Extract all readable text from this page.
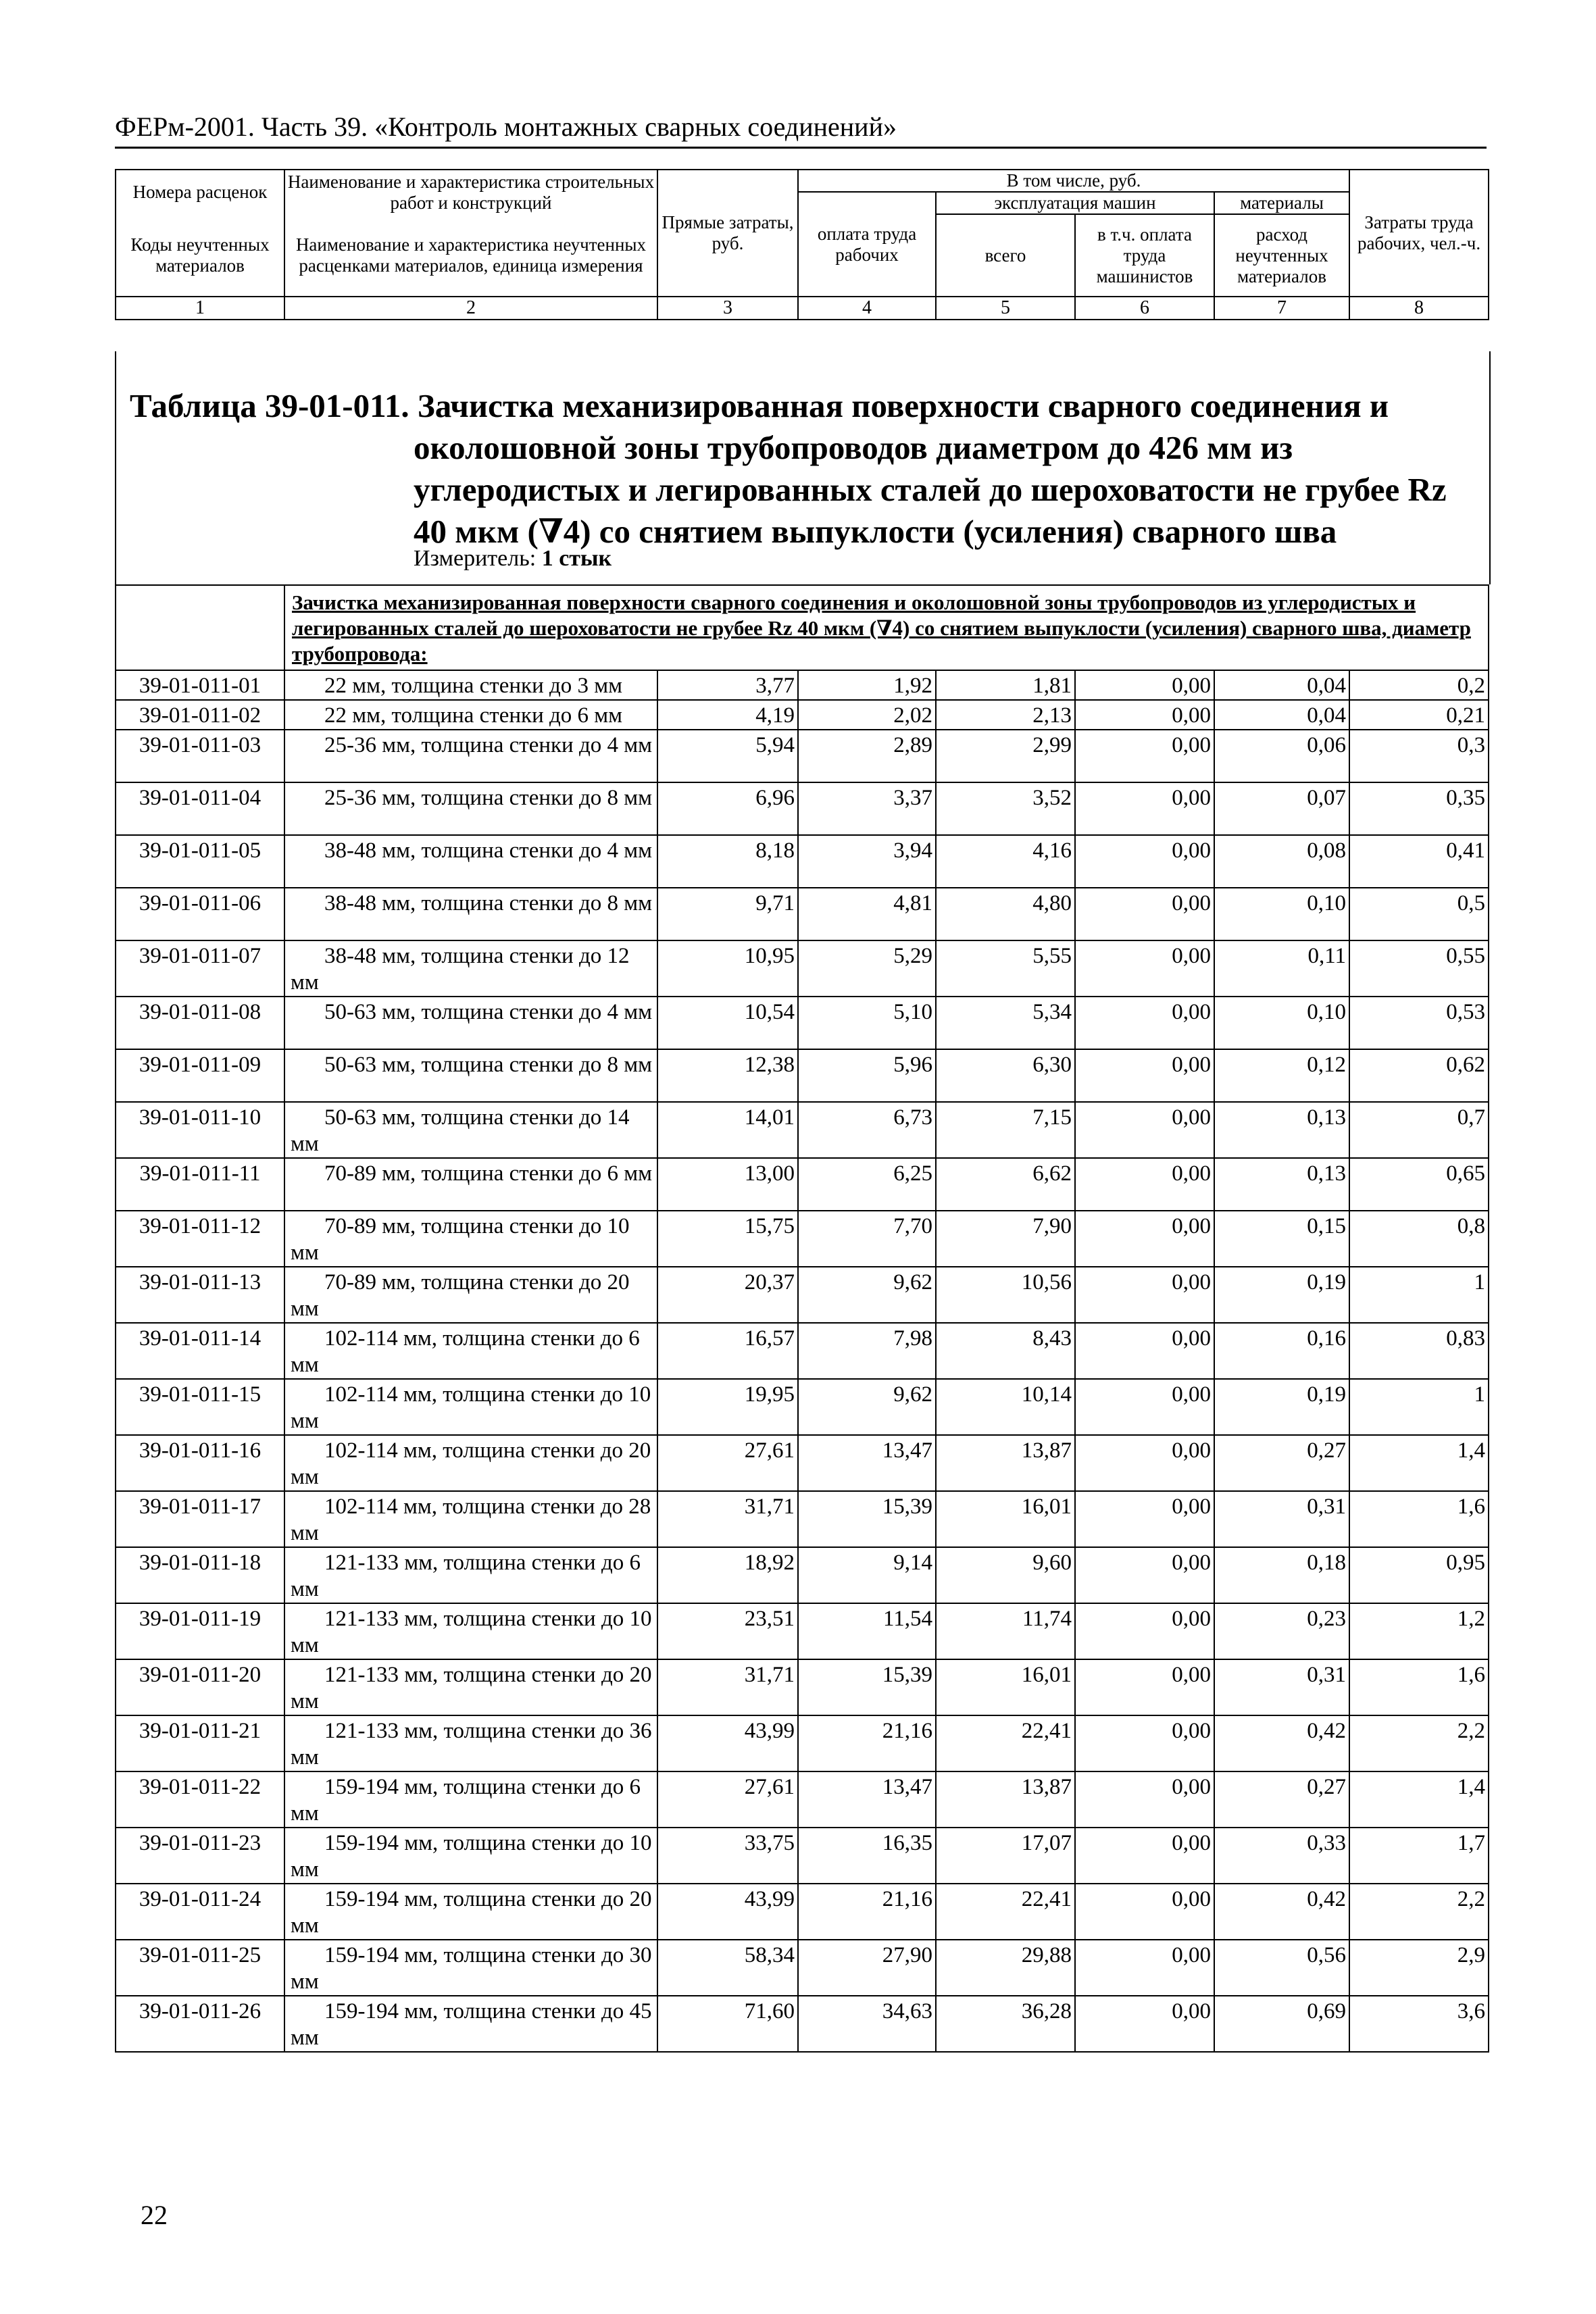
ФЕРм-2001. Часть 39. «Контроль монтажных сварных соединений»
Номера расценок	Наименование и характеристика строительных работ и конструкций	Прямые затраты, руб.	В том числе, руб.				Затраты труда рабочих, чел.-ч.
			оплата труда рабочих	эксплуатация машин		материалы	
Коды неучтенных материалов	Наименование и характеристика неучтенных расценками материалов, единица измерения			всего	в т.ч. оплата труда машинистов	расход неучтенных материалов	

1	2	3	4	5	6	7	8
Таблица 39-01-011. Зачистка механизированная поверхности сварного соединения и
околошовной зоны трубопроводов диаметром до 426 мм из
углеродистых и легированных сталей до шероховатости не грубее Rz
40 мкм (∇4) со снятием выпуклости (усиления) сварного шва
Измеритель: 1 стык
	Зачистка механизированная поверхности сварного соединения и околошовной зоны трубопроводов из углеродистых и легированных сталей до шероховатости не грубее Rz 40 мкм (∇4) со снятием выпуклости (усиления) сварного шва, диаметр трубопровода:						
39-01-011-01	22 мм, толщина стенки до 3 мм	3,77	1,92	1,81	0,00	0,04	0,2
39-01-011-02	22 мм, толщина стенки до 6 мм	4,19	2,02	2,13	0,00	0,04	0,21
39-01-011-03	25-36 мм, толщина стенки до 4 мм	5,94	2,89	2,99	0,00	0,06	0,3
39-01-011-04	25-36 мм, толщина стенки до 8 мм	6,96	3,37	3,52	0,00	0,07	0,35
39-01-011-05	38-48 мм, толщина стенки до 4 мм	8,18	3,94	4,16	0,00	0,08	0,41
39-01-011-06	38-48 мм, толщина стенки до 8 мм	9,71	4,81	4,80	0,00	0,10	0,5
39-01-011-07	38-48 мм, толщина стенки до 12 мм	10,95	5,29	5,55	0,00	0,11	0,55
39-01-011-08	50-63 мм, толщина стенки до 4 мм	10,54	5,10	5,34	0,00	0,10	0,53
39-01-011-09	50-63 мм, толщина стенки до 8 мм	12,38	5,96	6,30	0,00	0,12	0,62
39-01-011-10	50-63 мм, толщина стенки до 14 мм	14,01	6,73	7,15	0,00	0,13	0,7
39-01-011-11	70-89 мм, толщина стенки до 6 мм	13,00	6,25	6,62	0,00	0,13	0,65
39-01-011-12	70-89 мм, толщина стенки до 10 мм	15,75	7,70	7,90	0,00	0,15	0,8
39-01-011-13	70-89 мм, толщина стенки до 20 мм	20,37	9,62	10,56	0,00	0,19	1
39-01-011-14	102-114 мм, толщина стенки до 6 мм	16,57	7,98	8,43	0,00	0,16	0,83
39-01-011-15	102-114 мм, толщина стенки до 10 мм	19,95	9,62	10,14	0,00	0,19	1
39-01-011-16	102-114 мм, толщина стенки до 20 мм	27,61	13,47	13,87	0,00	0,27	1,4
39-01-011-17	102-114 мм, толщина стенки до 28 мм	31,71	15,39	16,01	0,00	0,31	1,6
39-01-011-18	121-133 мм, толщина стенки до 6 мм	18,92	9,14	9,60	0,00	0,18	0,95
39-01-011-19	121-133 мм, толщина стенки до 10 мм	23,51	11,54	11,74	0,00	0,23	1,2
39-01-011-20	121-133 мм, толщина стенки до 20 мм	31,71	15,39	16,01	0,00	0,31	1,6
39-01-011-21	121-133 мм, толщина стенки до 36 мм	43,99	21,16	22,41	0,00	0,42	2,2
39-01-011-22	159-194 мм, толщина стенки до 6 мм	27,61	13,47	13,87	0,00	0,27	1,4
39-01-011-23	159-194 мм, толщина стенки до 10 мм	33,75	16,35	17,07	0,00	0,33	1,7
39-01-011-24	159-194 мм, толщина стенки до 20 мм	43,99	21,16	22,41	0,00	0,42	2,2
39-01-011-25	159-194 мм, толщина стенки до 30 мм	58,34	27,90	29,88	0,00	0,56	2,9
39-01-011-26	159-194 мм, толщина стенки до 45 мм	71,60	34,63	36,28	0,00	0,69	3,6
22
